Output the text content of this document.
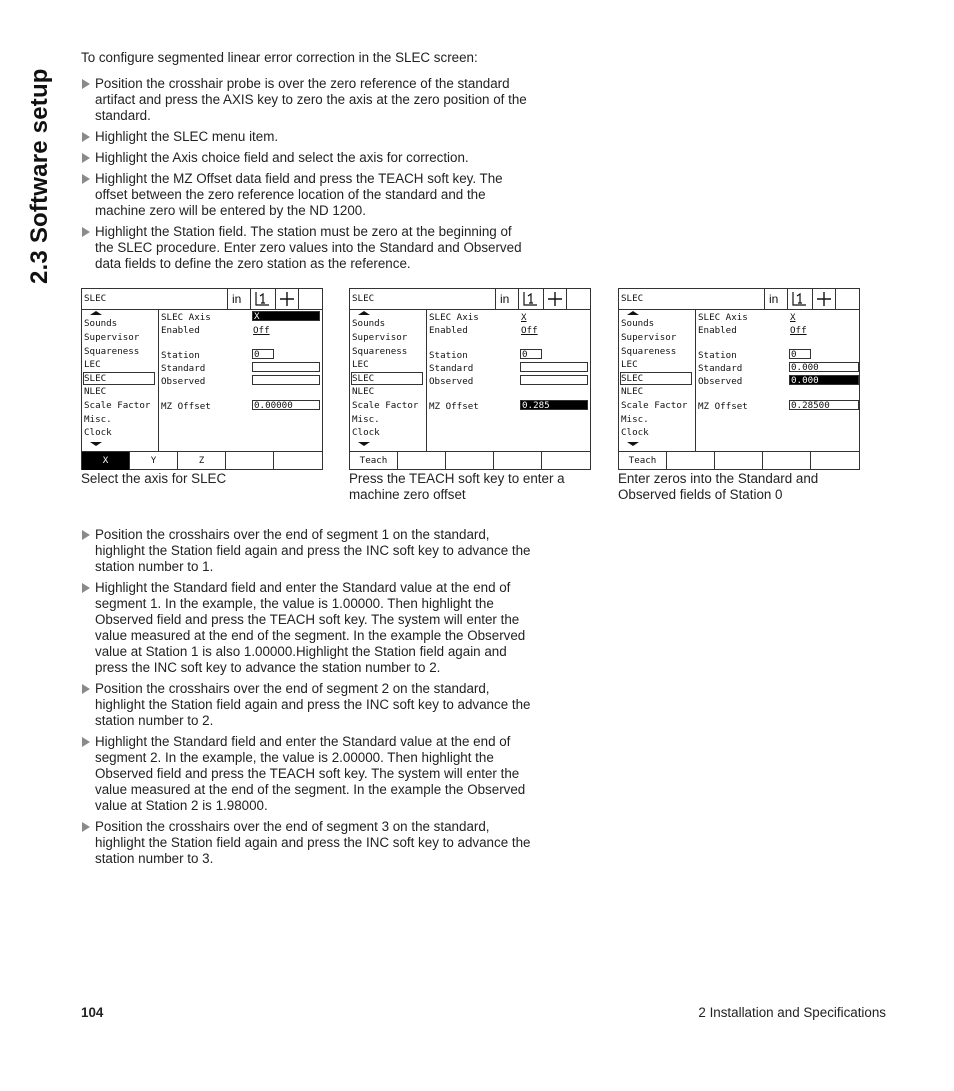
2.3 Software setup
To configure segmented linear error correction in the SLEC screen:
Position the crosshair probe is over the zero reference of the standard artifact and press the AXIS key to zero the axis at the zero position of the standard.
Highlight the SLEC menu item.
Highlight the Axis choice field and select the axis for correction.
Highlight the MZ Offset data field and press the TEACH soft key. The offset between the zero reference location of the standard and the machine zero will be entered by the ND 1200.
Highlight the Station field. The station must be zero at the beginning of the SLEC procedure. Enter zero values into the Standard and Observed data fields to define the zero station as the reference.
SLEC	in
Sounds
Supervisor
Squareness
LEC
SLEC
NLEC
Scale Factor
Misc.
Clock
SLEC Axis	X
Enabled	Off
Station	0
Standard
Observed
MZ Offset	0.00000
X	Y	Z
SLEC	in
Sounds
Supervisor
Squareness
LEC
SLEC
NLEC
Scale Factor
Misc.
Clock
SLEC Axis	X
Enabled	Off
Station	0
Standard
Observed
MZ Offset	0.285
Teach
SLEC	in
Sounds
Supervisor
Squareness
LEC
SLEC
NLEC
Scale Factor
Misc.
Clock
SLEC Axis	X
Enabled	Off
Station	0
Standard	0.000
Observed	0.000
MZ Offset	0.28500
Teach
Select the axis for SLEC	Press the TEACH soft key to enter a machine zero offset
Enter zeros into the Standard and Observed fields of Station 0
Position the crosshairs over the end of segment 1 on the standard, highlight the Station field again and press the INC soft key to advance the station number to 1.
Highlight the Standard field and enter the Standard value at the end of segment 1. In the example, the value is 1.00000. Then highlight the Observed field and press the TEACH soft key. The system will enter the value measured at the end of the segment. In the example the Observed value at Station 1 is also 1.00000.Highlight the Station field again and press the INC soft key to advance the station number to 2.
Position the crosshairs over the end of segment 2 on the standard, highlight the Station field again and press the INC soft key to advance the station number to 2.
Highlight the Standard field and enter the Standard value at the end of segment 2. In the example, the value is 2.00000. Then highlight the Observed field and press the TEACH soft key. The system will enter the value measured at the end of the segment. In the example the Observed value at Station 2 is 1.98000.
Position the crosshairs over the end of segment 3 on the standard, highlight the Station field again and press the INC soft key to advance the station number to 3.
104	2 Installation and Specifications
